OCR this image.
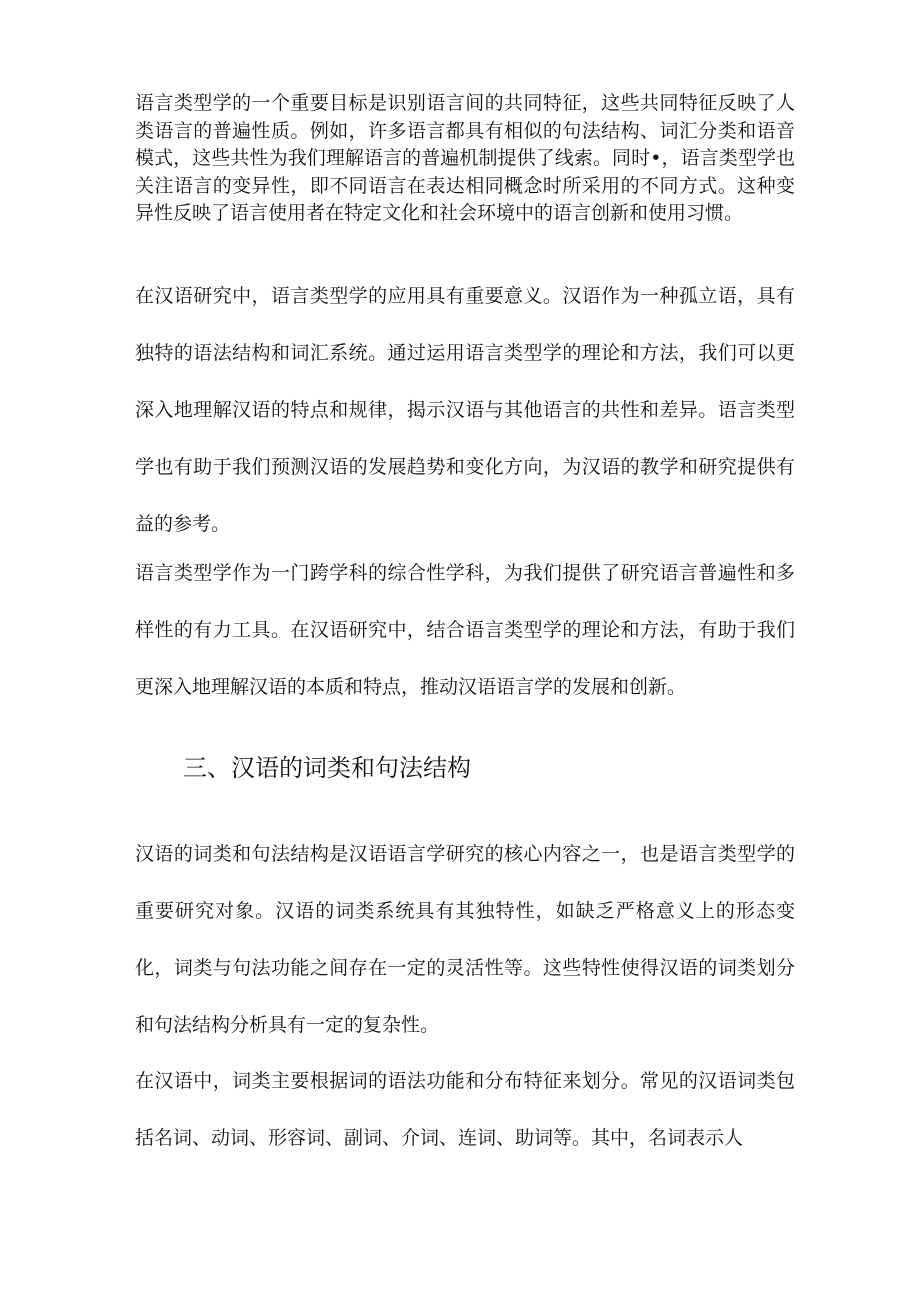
语言类型学的一个重要目标是识别语言间的共同特征，这些共同特征反映了人类语言的普遍性质。例如，许多语言都具有相似的句法结构、词汇分类和语音模式，这些共性为我们理解语言的普遍机制提供了线索。同时•，语言类型学也关注语言的变异性，即不同语言在表达相同概念时所采用的不同方式。这种变异性反映了语言使用者在特定文化和社会环境中的语言创新和使用习惯。

在汉语研究中，语言类型学的应用具有重要意义。汉语作为一种孤立语，具有独特的语法结构和词汇系统。通过运用语言类型学的理论和方法，我们可以更深入地理解汉语的特点和规律，揭示汉语与其他语言的共性和差异。语言类型学也有助于我们预测汉语的发展趋势和变化方向，为汉语的教学和研究提供有益的参考。

语言类型学作为一门跨学科的综合性学科，为我们提供了研究语言普遍性和多样性的有力工具。在汉语研究中，结合语言类型学的理论和方法，有助于我们更深入地理解汉语的本质和特点，推动汉语语言学的发展和创新。

三、汉语的词类和句法结构

汉语的词类和句法结构是汉语语言学研究的核心内容之一，也是语言类型学的重要研究对象。汉语的词类系统具有其独特性，如缺乏严格意义上的形态变化，词类与句法功能之间存在一定的灵活性等。这些特性使得汉语的词类划分和句法结构分析具有一定的复杂性。

在汉语中，词类主要根据词的语法功能和分布特征来划分。常见的汉语词类包括名词、动词、形容词、副词、介词、连词、助词等。其中，名词表示人
